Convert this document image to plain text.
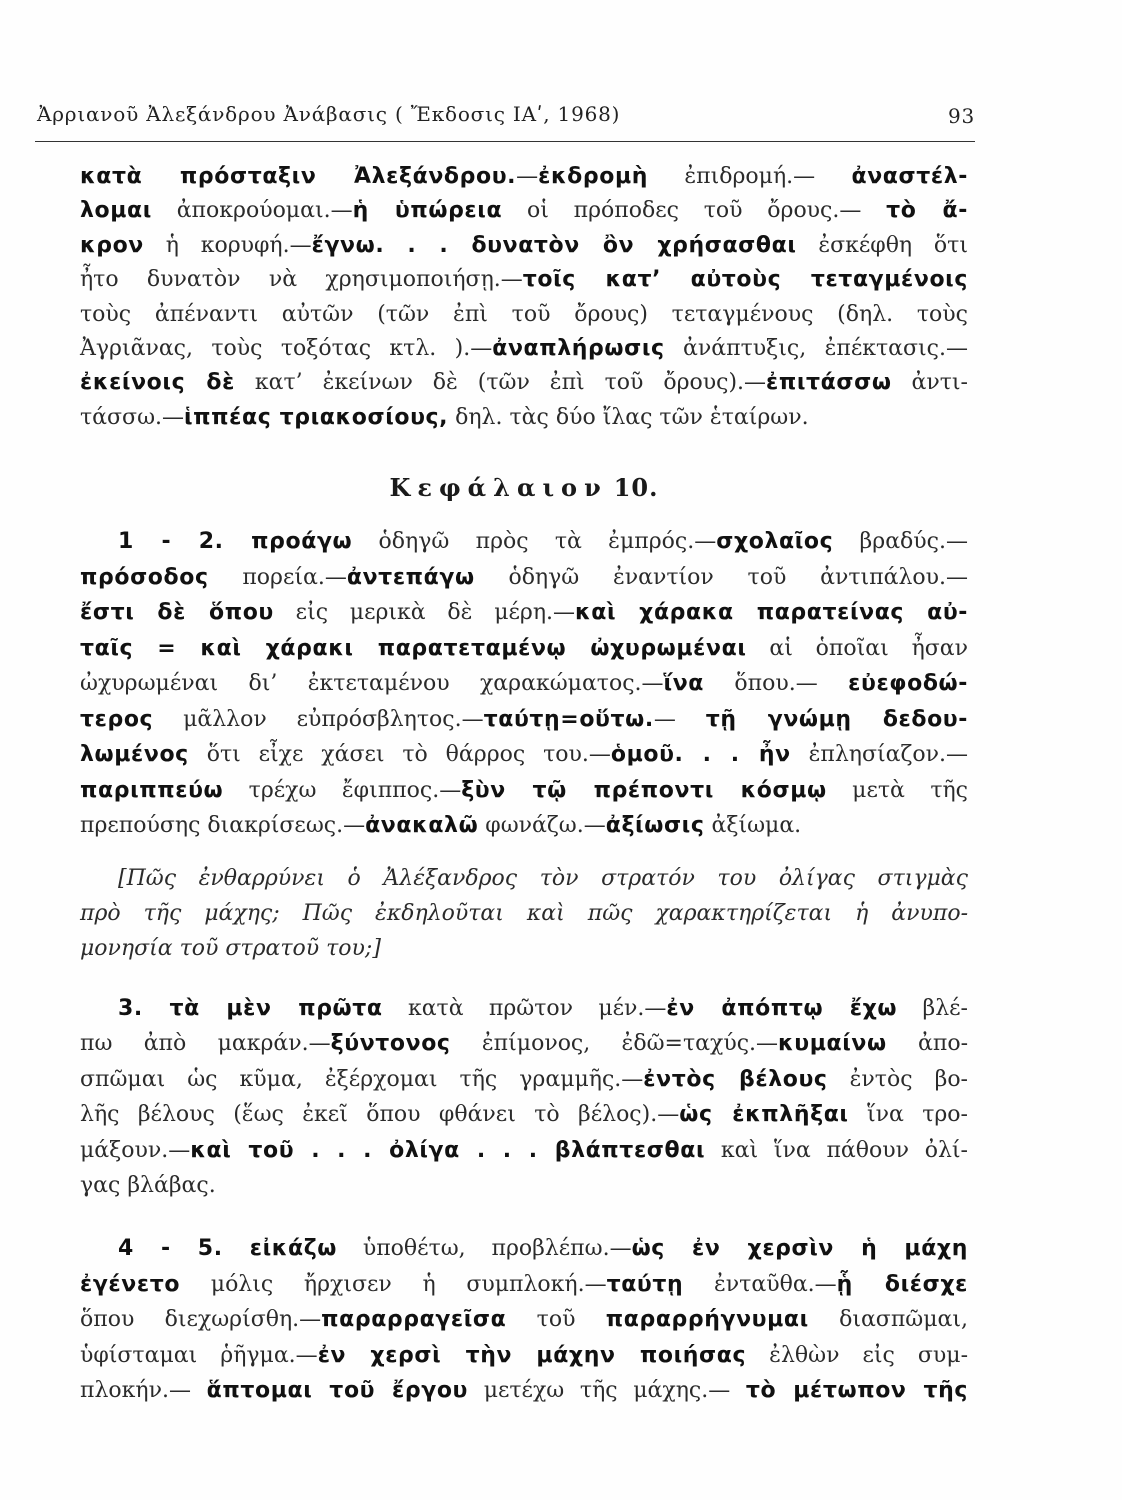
Ἀρριανοῦ Ἀλεξάνδρου Ἀνάβασις ( Ἔκδοσις ΙΑʹ, 1968)	93
κατὰ πρόσταξιν Ἀλεξάνδρου.—ἐκδρομὴ ἐπιδρομή.— ἀναστέλ-
λομαι ἀποκρούομαι.—ἡ ὑπώρεια οἱ πρόποδες τοῦ ὄρους.— τὸ ἄ-
κρον ἡ κορυφή.—ἔγνω. . . δυνατὸν ὂν χρήσασθαι ἐσκέφθη ὅτι
ἦτο δυνατὸν νὰ χρησιμοποιήσῃ.—τοῖς κατ’ αὐτοὺς τεταγμένοις
τοὺς ἀπέναντι αὐτῶν (τῶν ἐπὶ τοῦ ὄρους) τεταγμένους (δηλ. τοὺς
Ἀγριᾶνας, τοὺς τοξότας κτλ. ).—ἀναπλήρωσις ἀνάπτυξις, ἐπέκτασις.—
ἐκείνοις δὲ κατ’ ἐκείνων δὲ (τῶν ἐπὶ τοῦ ὄρους).—ἐπιτάσσω ἀντι-
τάσσω.—ἱππέας τριακοσίους, δηλ. τὰς δύο ἴλας τῶν ἑταίρων.
Κεφάλαιον 10.
1 - 2. προάγω ὁδηγῶ πρὸς τὰ ἐμπρός.—σχολαῖος βραδύς.—
πρόσοδος πορεία.—ἀντεπάγω ὁδηγῶ ἐναντίον τοῦ ἀντιπάλου.—
ἔστι δὲ ὅπου εἰς μερικὰ δὲ μέρη.—καὶ χάρακα παρατείνας αὐ-
ταῖς = καὶ χάρακι παρατεταμένῳ ὠχυρωμέναι αἱ ὁποῖαι ἦσαν
ὠχυρωμέναι δι’ ἐκτεταμένου χαρακώματος.—ἵνα ὅπου.— εὐεφοδώ-
τερος μᾶλλον εὐπρόσβλητος.—ταύτῃ=οὕτω.— τῇ γνώμῃ δεδου-
λωμένος ὅτι εἶχε χάσει τὸ θάρρος του.—ὁμοῦ. . . ἦν ἐπλησίαζον.—
παριππεύω τρέχω ἔφιππος.—ξὺν τῷ πρέποντι κόσμῳ μετὰ τῆς
πρεπούσης διακρίσεως.—ἀνακαλῶ φωνάζω.—ἀξίωσις ἀξίωμα.
[Πῶς ἐνθαρρύνει ὁ Ἀλέξανδρος τὸν στρατόν του ὀλίγας στιγμὰς
πρὸ τῆς μάχης; Πῶς ἐκδηλοῦται καὶ πῶς χαρακτηρίζεται ἡ ἀνυπο-
μονησία τοῦ στρατοῦ του;]
3. τὰ μὲν πρῶτα κατὰ πρῶτον μέν.—ἐν ἀπόπτῳ ἔχω βλέ-
πω ἀπὸ μακράν.—ξύντονος ἐπίμονος, ἐδῶ=ταχύς.—κυμαίνω ἀπο-
σπῶμαι ὡς κῦμα, ἐξέρχομαι τῆς γραμμῆς.—ἐντὸς βέλους ἐντὸς βο-
λῆς βέλους (ἕως ἐκεῖ ὅπου φθάνει τὸ βέλος).—ὡς ἐκπλῆξαι ἵνα τρο-
μάξουν.—καὶ τοῦ . . . ὀλίγα . . . βλάπτεσθαι καὶ ἵνα πάθουν ὀλί-
γας βλάβας.
4 - 5. εἰκάζω ὑποθέτω, προβλέπω.—ὡς ἐν χερσὶν ἡ μάχη
ἐγένετο μόλις ἤρχισεν ἡ συμπλοκή.—ταύτῃ ἐνταῦθα.—ᾗ διέσχε
ὅπου διεχωρίσθη.—παραρραγεῖσα τοῦ παραρρήγνυμαι διασπῶμαι,
ὑφίσταμαι ῥῆγμα.—ἐν χερσὶ τὴν μάχην ποιήσας ἐλθὼν εἰς συμ-
πλοκήν.— ἅπτομαι τοῦ ἔργου μετέχω τῆς μάχης.— τὸ μέτωπον τῆς
